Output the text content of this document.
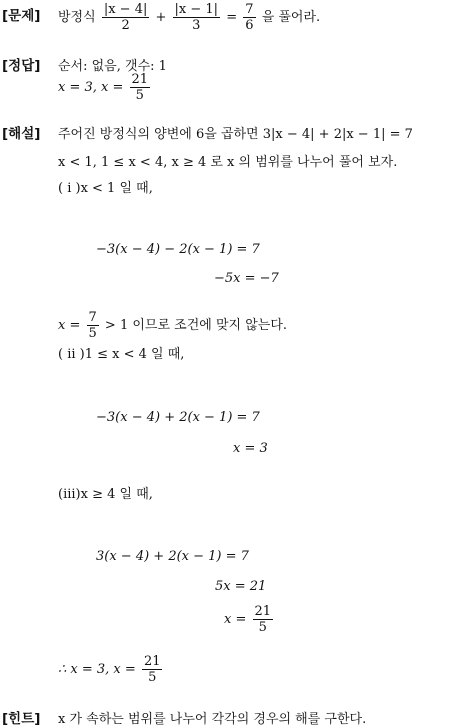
[문제] 방정식 $\frac{|x - 4|}{2} + \frac{|x - 1|}{3} = \frac{7}{6}$ 을 풀어라.
[정답] 순서: 없음, 갯수: 1
x = 3, $x = \frac{21}{5}$
[해설] 주어진 방정식의 양변에 6을 곱하면 3|x − 4| + 2|x − 1| = 7
x < 1, 1 ≤ x < 4, x ≥ 4 로 x 의 범위를 나누어 풀어 보자.
( i )x < 1 일 때,
−3(x − 4) − 2(x − 1) = 7
−5x = −7
$x = \frac{7}{5} > 1$ 이므로 조건에 맞지 않는다.
( ii )1 ≤ x < 4 일 때,
−3(x − 4) + 2(x − 1) = 7
x = 3
(iii)x ≥ 4 일 때,
3(x − 4) + 2(x − 1) = 7
5x = 21
$x = \frac{21}{5}$
∴ x = 3, $x = \frac{21}{5}$
[힌트] x 가 속하는 범위를 나누어 각각의 경우의 해를 구한다.
